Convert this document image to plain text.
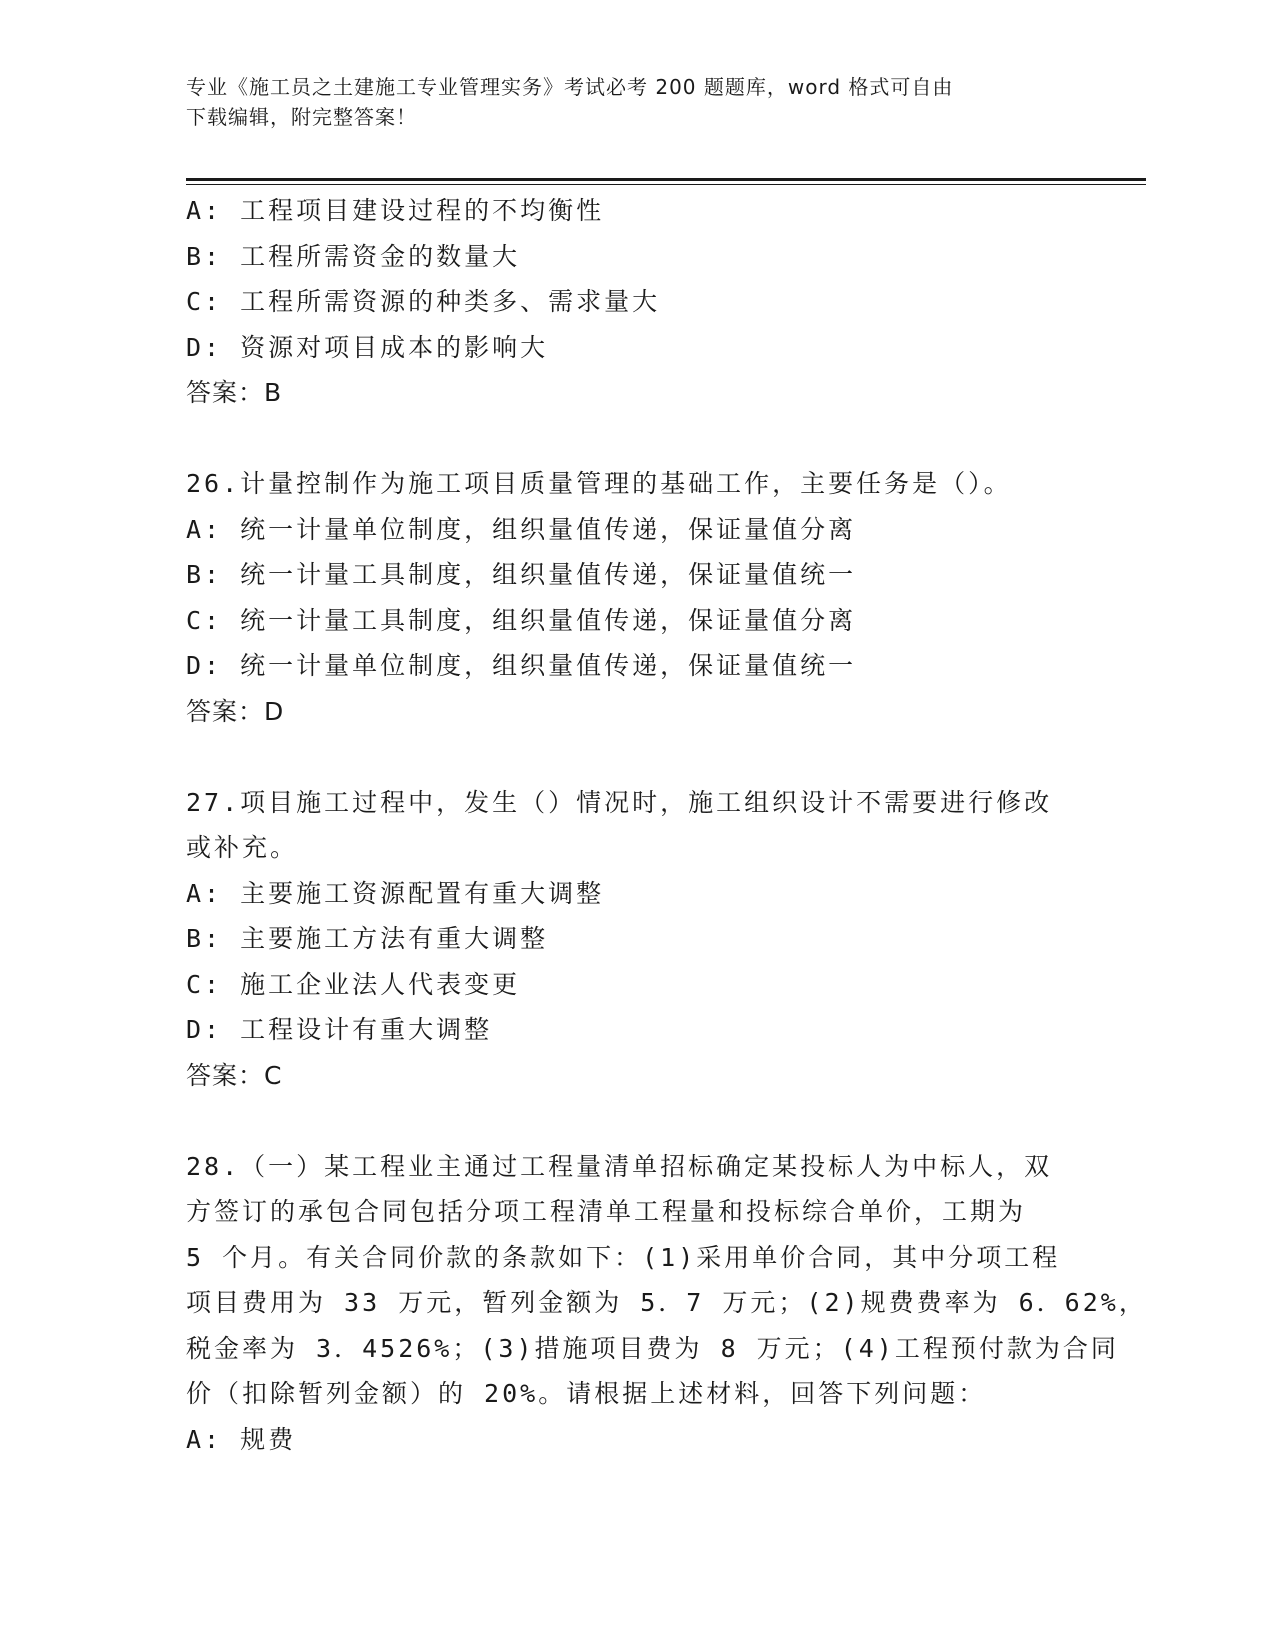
专业《施工员之土建施工专业管理实务》考试必考 200 题题库，word 格式可自由
下载编辑，附完整答案！
A: 工程项目建设过程的不均衡性
B: 工程所需资金的数量大
C: 工程所需资源的种类多、需求量大
D: 资源对项目成本的影响大
答案：B
26.计量控制作为施工项目质量管理的基础工作，主要任务是（）。
A: 统一计量单位制度，组织量值传递，保证量值分离
B: 统一计量工具制度，组织量值传递，保证量值统一
C: 统一计量工具制度，组织量值传递，保证量值分离
D: 统一计量单位制度，组织量值传递，保证量值统一
答案：D
27.项目施工过程中，发生（）情况时，施工组织设计不需要进行修改
或补充。
A: 主要施工资源配置有重大调整
B: 主要施工方法有重大调整
C: 施工企业法人代表变更
D: 工程设计有重大调整
答案：C
28.（一）某工程业主通过工程量清单招标确定某投标人为中标人，双
方签订的承包合同包括分项工程清单工程量和投标综合单价，工期为
5 个月。有关合同价款的条款如下：(1)采用单价合同，其中分项工程
项目费用为 33 万元，暂列金额为 5．7 万元；(2)规费费率为 6．62%，
税金率为 3．4526%；(3)措施项目费为 8 万元；(4)工程预付款为合同
价（扣除暂列金额）的 20%。请根据上述材料，回答下列问题：
A: 规费
